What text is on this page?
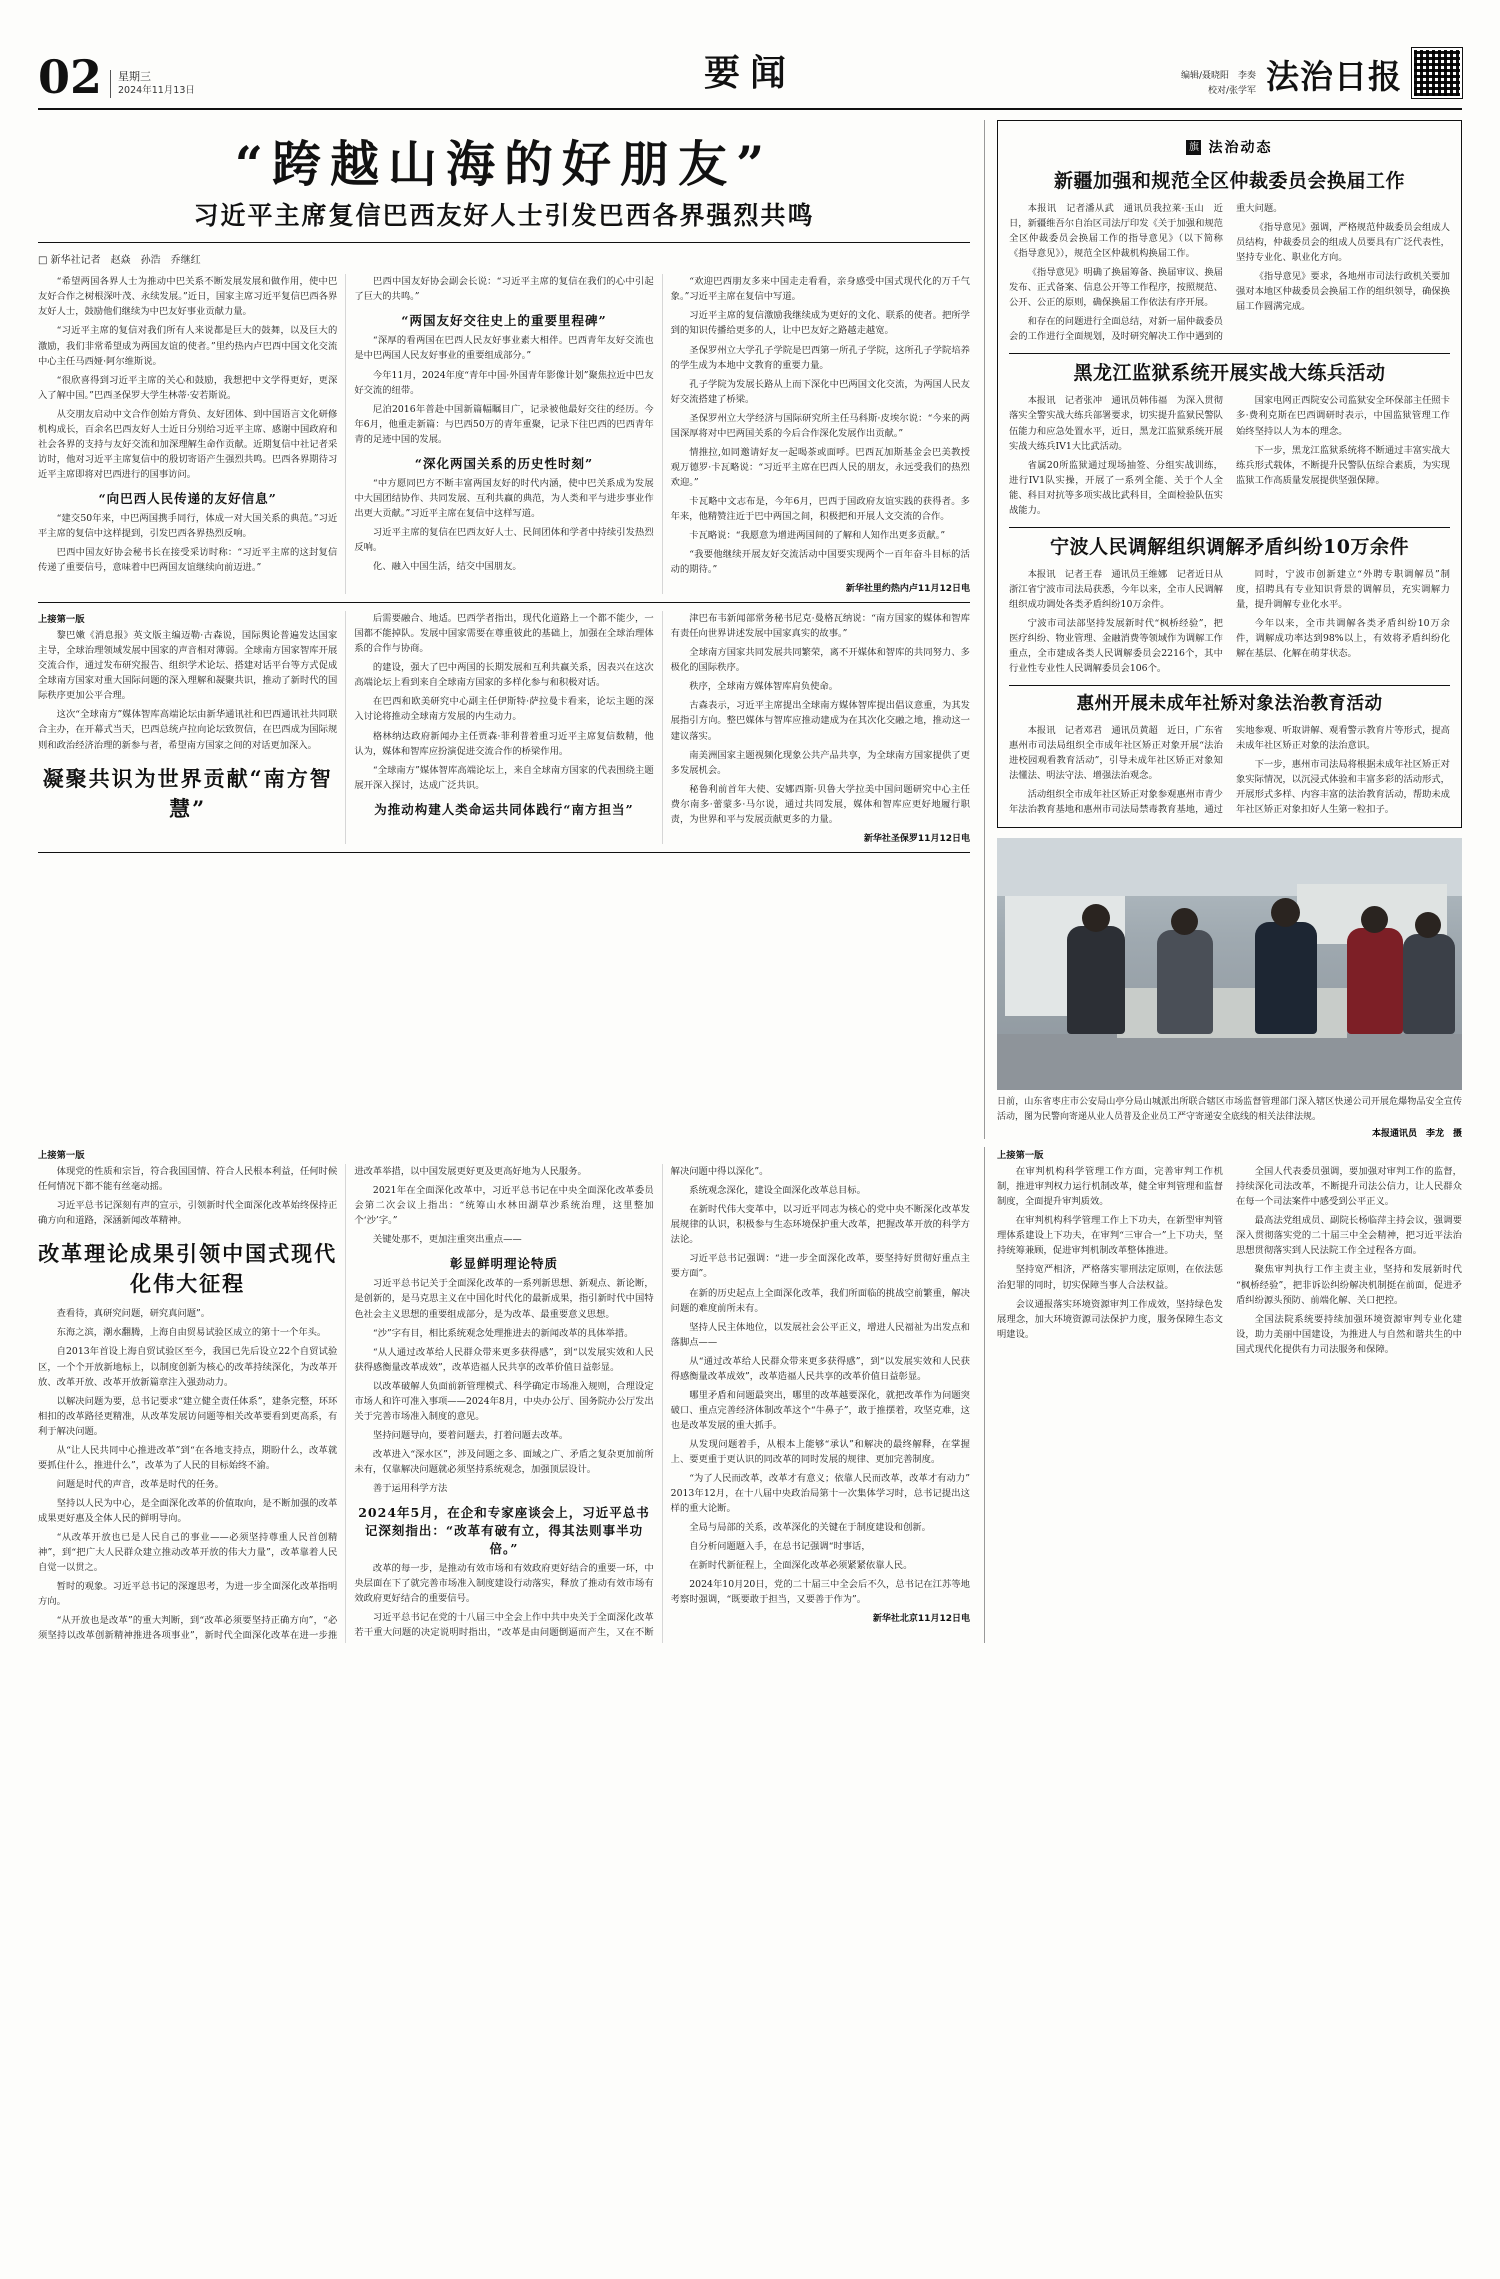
02 星期三
2024年11月13日	要闻	编辑/聂晓阳　李奏
校对/张学军 法治日报
“跨越山海的好朋友”
习近平主席复信巴西友好人士引发巴西各界强烈共鸣
□ 新华社记者　赵焱　孙浩　乔继红

“希望两国各界人士为推动中巴关系不断发展发展和做作用，使中巴友好合作之树根深叶茂、永续发展。”近日，国家主席习近平复信巴西各界友好人士，鼓励他们继续为中巴友好事业贡献力量。

“习近平主席的复信对我们所有人来说都是巨大的鼓舞，以及巨大的激励，我们非常希望成为两国友谊的使者。”里约热内卢巴西中国文化交流中心主任马西娅·阿尔维斯说。

“很欣喜得到习近平主席的关心和鼓励，我想把中文学得更好，更深入了解中国。”巴西圣保罗大学生林蒂·安若斯说。

从交朋友启动中文合作创始方背负、友好团体、到中国语言文化研修机构成长，百余名巴西友好人士近日分别给习近平主席、感谢中国政府和社会各界的支持与友好交流和加深理解生命作贡献。近期复信中社记者采访时，他对习近平主席复信中的殷切寄语产生强烈共鸣。巴西各界期待习近平主席即将对巴西进行的国事访问。

“向巴西人民传递的友好信息”

“建交50年来，中巴两国携手同行，体成一对大国关系的典范。”习近平主席的复信中这样提到，引发巴西各界热烈反响。

巴西中国友好协会秘书长在接受采访时称：“习近平主席的这封复信传递了重要信号，意味着中巴两国友谊继续向前迈进。”

巴西中国友好协会副会长说：“习近平主席的复信在我们的心中引起了巨大的共鸣。”

“两国友好交往史上的重要里程碑”

“深厚的看两国在巴西人民友好事业素大相伴。巴西青年友好交流也是中巴两国人民友好事业的重要组成部分。”

今年11月，2024年度“青年中国·外国青年影像计划”聚焦拉近中巴友好交流的纽带。

尼泊2016年普赴中国新篇幅瞩目广，记录被他最好交往的经历。今年6月，他重走新篇：与巴西50万的青年重聚，记录下往巴西的巴西青年青的足迹中国的发展。

“深化两国关系的历史性时刻”

“中方愿同巴方不断丰富两国友好的时代内涵，使中巴关系成为发展中大国团结协作、共同发展、互利共赢的典范，为人类和平与进步事业作出更大贡献。”习近平主席在复信中这样写道。

习近平主席的复信在巴西友好人士、民间团体和学者中持续引发热烈反响。

化、融入中国生活，结交中国朋友。

“欢迎巴西朋友多来中国走走看看，亲身感受中国式现代化的万千气象。”习近平主席在复信中写道。

习近平主席的复信激励我继续成为更好的文化、联系的使者。把所学到的知识传播给更多的人，让中巴友好之路越走越宽。

圣保罗州立大学孔子学院是巴西第一所孔子学院，这所孔子学院培养的学生成为本地中文教育的重要力量。

孔子学院为发展长路从上而下深化中巴两国文化交流，为两国人民友好交流搭建了桥梁。

圣保罗州立大学经济与国际研究所主任马科斯·皮埃尔说：“今来的两国深厚将对中巴两国关系的今后合作深化发展作出贡献。”

情推拉,如同邀请好友一起喝茶或面呼。巴西瓦加斯基金会巴美教授观万德罗·卡瓦略说：“习近平主席在巴西人民的朋友，永远受我们的热烈欢迎。”

卡瓦略中文志布是，今年6月，巴西于国政府友谊实践的获得者。多年来，他精赞注近于巴中两国之间，积极把和开展人文交流的合作。

卡瓦略说：“我愿意为增进两国间的了解和人知作出更多贡献。”

“我要他继续开展友好交流活动中国要实现两个一百年奋斗目标的活动的期待。”

新华社里约热内卢11月12日电
上接第一版

黎巴嫩《消息报》英文版主编迈勒·古森说，国际舆论普遍发达国家主导，全球治理领域发展中国家的声音相对薄弱。全球南方国家智库开展交流合作，通过发布研究报告、组织学术论坛、搭建对话平台等方式促成全球南方国家对重大国际问题的深入理解和凝聚共识，推动了新时代的国际秩序更加公平合理。

这次“全球南方”媒体智库高端论坛由新华通讯社和巴西通讯社共同联合主办，在开幕式当天，巴西总统卢拉向论坛致贺信，在巴西成为国际规则和政治经济治理的新参与者，希望南方国家之间的对话更加深入。

凝聚共识为世界贡献“南方智慧”

后需要融合、地适。巴西学者指出，现代化道路上一个都不能少，一国都不能掉队。发展中国家需要在尊重彼此的基础上，加强在全球治理体系的合作与协商。

的建设，强大了巴中两国的长期发展和互利共赢关系，因表兴在这次高端论坛上看到来自全球南方国家的多样化参与和积极对话。

在巴西和欧美研究中心副主任伊斯特·萨拉曼卡看来，论坛主题的深入讨论将推动全球南方发展的内生动力。

格林纳达政府新闻办主任贾森·菲利普着重习近平主席复信数精，他认为，媒体和智库应扮演促进交流合作的桥梁作用。

“全球南方”媒体智库高端论坛上，来自全球南方国家的代表围绕主题展开深入探讨，达成广泛共识。

为推动构建人类命运共同体践行“南方担当”

津巴布韦新闻部常务秘书尼克·曼格瓦纳说：“南方国家的媒体和智库有责任向世界讲述发展中国家真实的故事。”

全球南方国家共同发展共同繁荣，离不开媒体和智库的共同努力、多极化的国际秩序。

秩序，全球南方媒体智库肩负使命。

古森表示，习近平主席提出全球南方媒体智库提出倡议意重，为其发展指引方向。整巴媒体与智库应推动建成为在其次化交融之地，推动这一建议落实。

南美洲国家主题视频化现象公共产品共享，为全球南方国家提供了更多发展机会。

秘鲁利前首年大使、安娜西斯·贝鲁大学拉美中国问题研究中心主任费尔南多·蕾蒙多·马尔说，通过共同发展，媒体和智库应更好地履行职责，为世界和平与发展贡献更多的力量。

新华社圣保罗11月12日电
旗 法治动态
新疆加强和规范全区仲裁委员会换届工作

本报讯　记者潘从武　通讯员我拉莱·玉山　近日，新疆维吾尔自治区司法厅印发《关于加强和规范全区仲裁委员会换届工作的指导意见》（以下简称《指导意见》），规范全区仲裁机构换届工作。

《指导意见》明确了换届筹备、换届审议、换届发布、正式备案、信息公开等工作程序，按照规范、公开、公正的原则，确保换届工作依法有序开展。

和存在的问题进行全面总结，对新一届仲裁委员会的工作进行全面规划，及时研究解决工作中遇到的重大问题。

《指导意见》强调，严格规范仲裁委员会组成人员结构，仲裁委员会的组成人员要具有广泛代表性，坚持专业化、职业化方向。

《指导意见》要求，各地州市司法行政机关要加强对本地区仲裁委员会换届工作的组织领导，确保换届工作圆满完成。

黑龙江监狱系统开展实战大练兵活动

本报讯　记者张冲　通讯员韩伟福　为深入贯彻落实全警实战大练兵部署要求，切实提升监狱民警队伍能力和应急处置水平，近日，黑龙江监狱系统开展实战大练兵IV1大比武活动。

省属20所监狱通过现场抽签、分组实战训练，进行IV1队实操，开展了一系列全能、关于个人全能、科目对抗等多项实战比武科目，全面检验队伍实战能力。

国家电网正西院安公司监狱安全环保部主任照卡多·费利克斯在巴西调研时表示，中国监狱管理工作始终坚持以人为本的理念。

下一步，黑龙江监狱系统将不断通过丰富实战大练兵形式载体，不断提升民警队伍综合素质，为实现监狱工作高质量发展提供坚强保障。

宁波人民调解组织调解矛盾纠纷10万余件

本报讯　记者王春　通讯员王维娜　记者近日从浙江省宁波市司法局获悉，今年以来，全市人民调解组织成功调处各类矛盾纠纷10万余件。

宁波市司法部坚持发展新时代“枫桥经验”，把医疗纠纷、物业管理、金融消费等领域作为调解工作重点，全市建成各类人民调解委员会2216个，其中行业性专业性人民调解委员会106个。

同时，宁波市创新建立“外聘专职调解员”制度，招聘具有专业知识背景的调解员，充实调解力量，提升调解专业化水平。

今年以来，全市共调解各类矛盾纠纷10万余件，调解成功率达到98%以上，有效将矛盾纠纷化解在基层、化解在萌芽状态。

惠州开展未成年社矫对象法治教育活动

本报讯　记者邓君　通讯员黄超　近日，广东省惠州市司法局组织全市成年社区矫正对象开展“法治进校园观看教育活动”，引导未成年社区矫正对象知法懂法、明法守法、增强法治观念。

活动组织全市成年社区矫正对象参观惠州市青少年法治教育基地和惠州市司法局禁毒教育基地，通过实地参观、听取讲解、观看警示教育片等形式，提高未成年社区矫正对象的法治意识。

下一步，惠州市司法局将根据未成年社区矫正对象实际情况，以沉浸式体验和丰富多彩的活动形式，开展形式多样、内容丰富的法治教育活动，帮助未成年社区矫正对象扣好人生第一粒扣子。

日前，山东省枣庄市公安局山亭分局山城派出所联合辖区市场监督管理部门深入辖区快递公司开展危爆物品安全宣传活动，图为民警向寄递从业人员普及企业员工严守寄递安全底线的相关法律法规。
本报通讯员　李龙　摄
上接第一版

体现党的性质和宗旨，符合我国国情、符合人民根本利益，任何时候任何情况下都不能有丝毫动摇。

习近平总书记深刻有声的宣示，引领新时代全面深化改革始终保持正确方向和道路，深涵新闻改革精神。

改革理论成果引领中国式现代化伟大征程

查看待，真研究问题，研究真问题”。

东海之滨，潮水翻腾，上海自由贸易试验区成立的第十一个年头。

自2013年首设上海自贸试验区至今，我国已先后设立22个自贸试验区，一个个开放新地标上，以制度创新为核心的改革持续深化，为改革开放、改革开放、改革开放新篇章注入强劲动力。

以解决问题为要，总书记要求“建立健全责任体系”，建条完整，环环相扣的改革路径更精准，从改革发展访问题等相关改革要看到更高系，有利于解决问题。

从“让人民共同中心推进改革”到“在各地支持点，期盼什么，改革就要抓住什么，推进什么”，改革为了人民的目标始终不渝。

问题是时代的声音，改革是时代的任务。

坚持以人民为中心，是全面深化改革的价值取向，是不断加强的改革成果更好惠及全体人民的鲜明导向。

“从改革开放也已是人民自己的事业——必须坚持尊重人民首创精神”，到“把广大人民群众建立推动改革开放的伟大力量”，改革靠着人民自觉一以贯之。

暂时的观象。习近平总书记的深邃思考，为进一步全面深化改革指明方向。

“从开放也是改革”的重大判断，到“改革必须要坚持正确方向”，“必须坚持以改革创新精神推进各项事业”，新时代全面深化改革在进一步推进改革举措，以中国发展更好更及更高好地为人民服务。

2021年在全面深化改革中，习近平总书记在中央全面深化改革委员会第二次会议上指出：“统筹山水林田湖草沙系统治理，这里整加个‘沙’字。”

关键处那不，更加注重突出重点——

彰显鲜明理论特质

习近平总书记关于全面深化改革的一系列新思想、新观点、新论断，是创新的，是马克思主义在中国化时代化的最新成果，指引新时代中国特色社会主义思想的重要组成部分，是为改革、最重要意义思想。

“沙”字有目，相比系统观念处理推进去的新闻改革的具体举措。

“从人通过改革给人民群众带来更多获得感”，到“以发展实效和人民获得感衡量改革成效”，改革造福人民共享的改革价值日益彰显。

以改革破解人负面前新管理模式、科学确定市场准入规则，合理设定市场人和许可准入事项——2024年8月，中央办公厅、国务院办公厅发出关于完善市场准入制度的意见。

坚持问题导向，要着问题去，打着问题去改革。

改革进入“深水区”，涉及问题之多、面域之广、矛盾之复杂更加前所未有，仅靠解决问题就必须坚持系统观念，加强顶层设计。

善于运用科学方法

2024年5月，在企和专家座谈会上，习近平总书记深刻指出：“改革有破有立，得其法则事半功倍。”

改革的每一步，是推动有效市场和有效政府更好结合的重要一环，中央层面在下了就完善市场准入制度建设行动落实，释放了推动有效市场有效政府更好结合的重要信号。

习近平总书记在党的十八届三中全会上作中共中央关于全面深化改革若干重大问题的决定说明时指出，“改革是由问题倒逼而产生，又在不断解决问题中得以深化”。

系统观念深化，建设全面深化改革总目标。

在新时代伟大变革中，以习近平同志为核心的党中央不断深化改革发展规律的认识，积极参与生态环境保护重大改革，把握改革开放的科学方法论。

习近平总书记强调：“进一步全面深化改革，要坚持好贯彻好重点主要方面”。

在新的历史起点上全面深化改革，我们所面临的挑战空前繁重，解决问题的难度前所未有。

坚持人民主体地位，以发展社会公平正义，增进人民福祉为出发点和落脚点——

从“通过改革给人民群众带来更多获得感”，到“以发展实效和人民获得感衡量改革成效”，改革造福人民共享的改革价值日益彰显。

哪里矛盾和问题最突出，哪里的改革越要深化，就把改革作为问题突破口、重点完善经济体制改革这个“牛鼻子”，敢于推摆着，攻坚克难，这也是改革发展的重大抓手。

从发现问题着手，从根本上能够“承认”和解决的最终解释，在掌握上、要更重于更认识的同改革的同时发展的规律、更加完善制度。

“为了人民而改革，改革才有意义；依靠人民而改革，改革才有动力”2013年12月，在十八届中央政治局第十一次集体学习时，总书记提出这样的重大论断。

全局与局部的关系，改革深化的关键在于制度建设和创新。

自分析问题题入手，在总书记强调“时事话，

在新时代新征程上，全面深化改革必须紧紧依靠人民。

2024年10月20日，党的二十届三中全会后不久，总书记在江苏等地考察时强调，“既要敢于担当，又要善于作为”。

新华社北京11月12日电
上接第一版

在审判机构科学管理工作方面，完善审判工作机制，推进审判权力运行机制改革，健全审判管理和监督制度，全面提升审判质效。

在审判机构科学管理工作上下功夫，在新型审判管理体系建设上下功夫，在审判“三审合一”上下功夫，坚持统筹兼顾，促进审判机制改革整体推进。

坚持宽严相济，严格落实罪刑法定原则，在依法惩治犯罪的同时，切实保障当事人合法权益。

会议通报落实环境资源审判工作成效，坚持绿色发展理念，加大环境资源司法保护力度，服务保障生态文明建设。

全国人代表委员强调，要加强对审判工作的监督，持续深化司法改革，不断提升司法公信力，让人民群众在每一个司法案件中感受到公平正义。

最高法党组成员、副院长杨临萍主持会议，强调要深入贯彻落实党的二十届三中全会精神，把习近平法治思想贯彻落实到人民法院工作全过程各方面。

聚焦审判执行工作主责主业，坚持和发展新时代“枫桥经验”，把非诉讼纠纷解决机制挺在前面，促进矛盾纠纷源头预防、前端化解、关口把控。

全国法院系统要持续加强环境资源审判专业化建设，助力美丽中国建设，为推进人与自然和谐共生的中国式现代化提供有力司法服务和保障。
